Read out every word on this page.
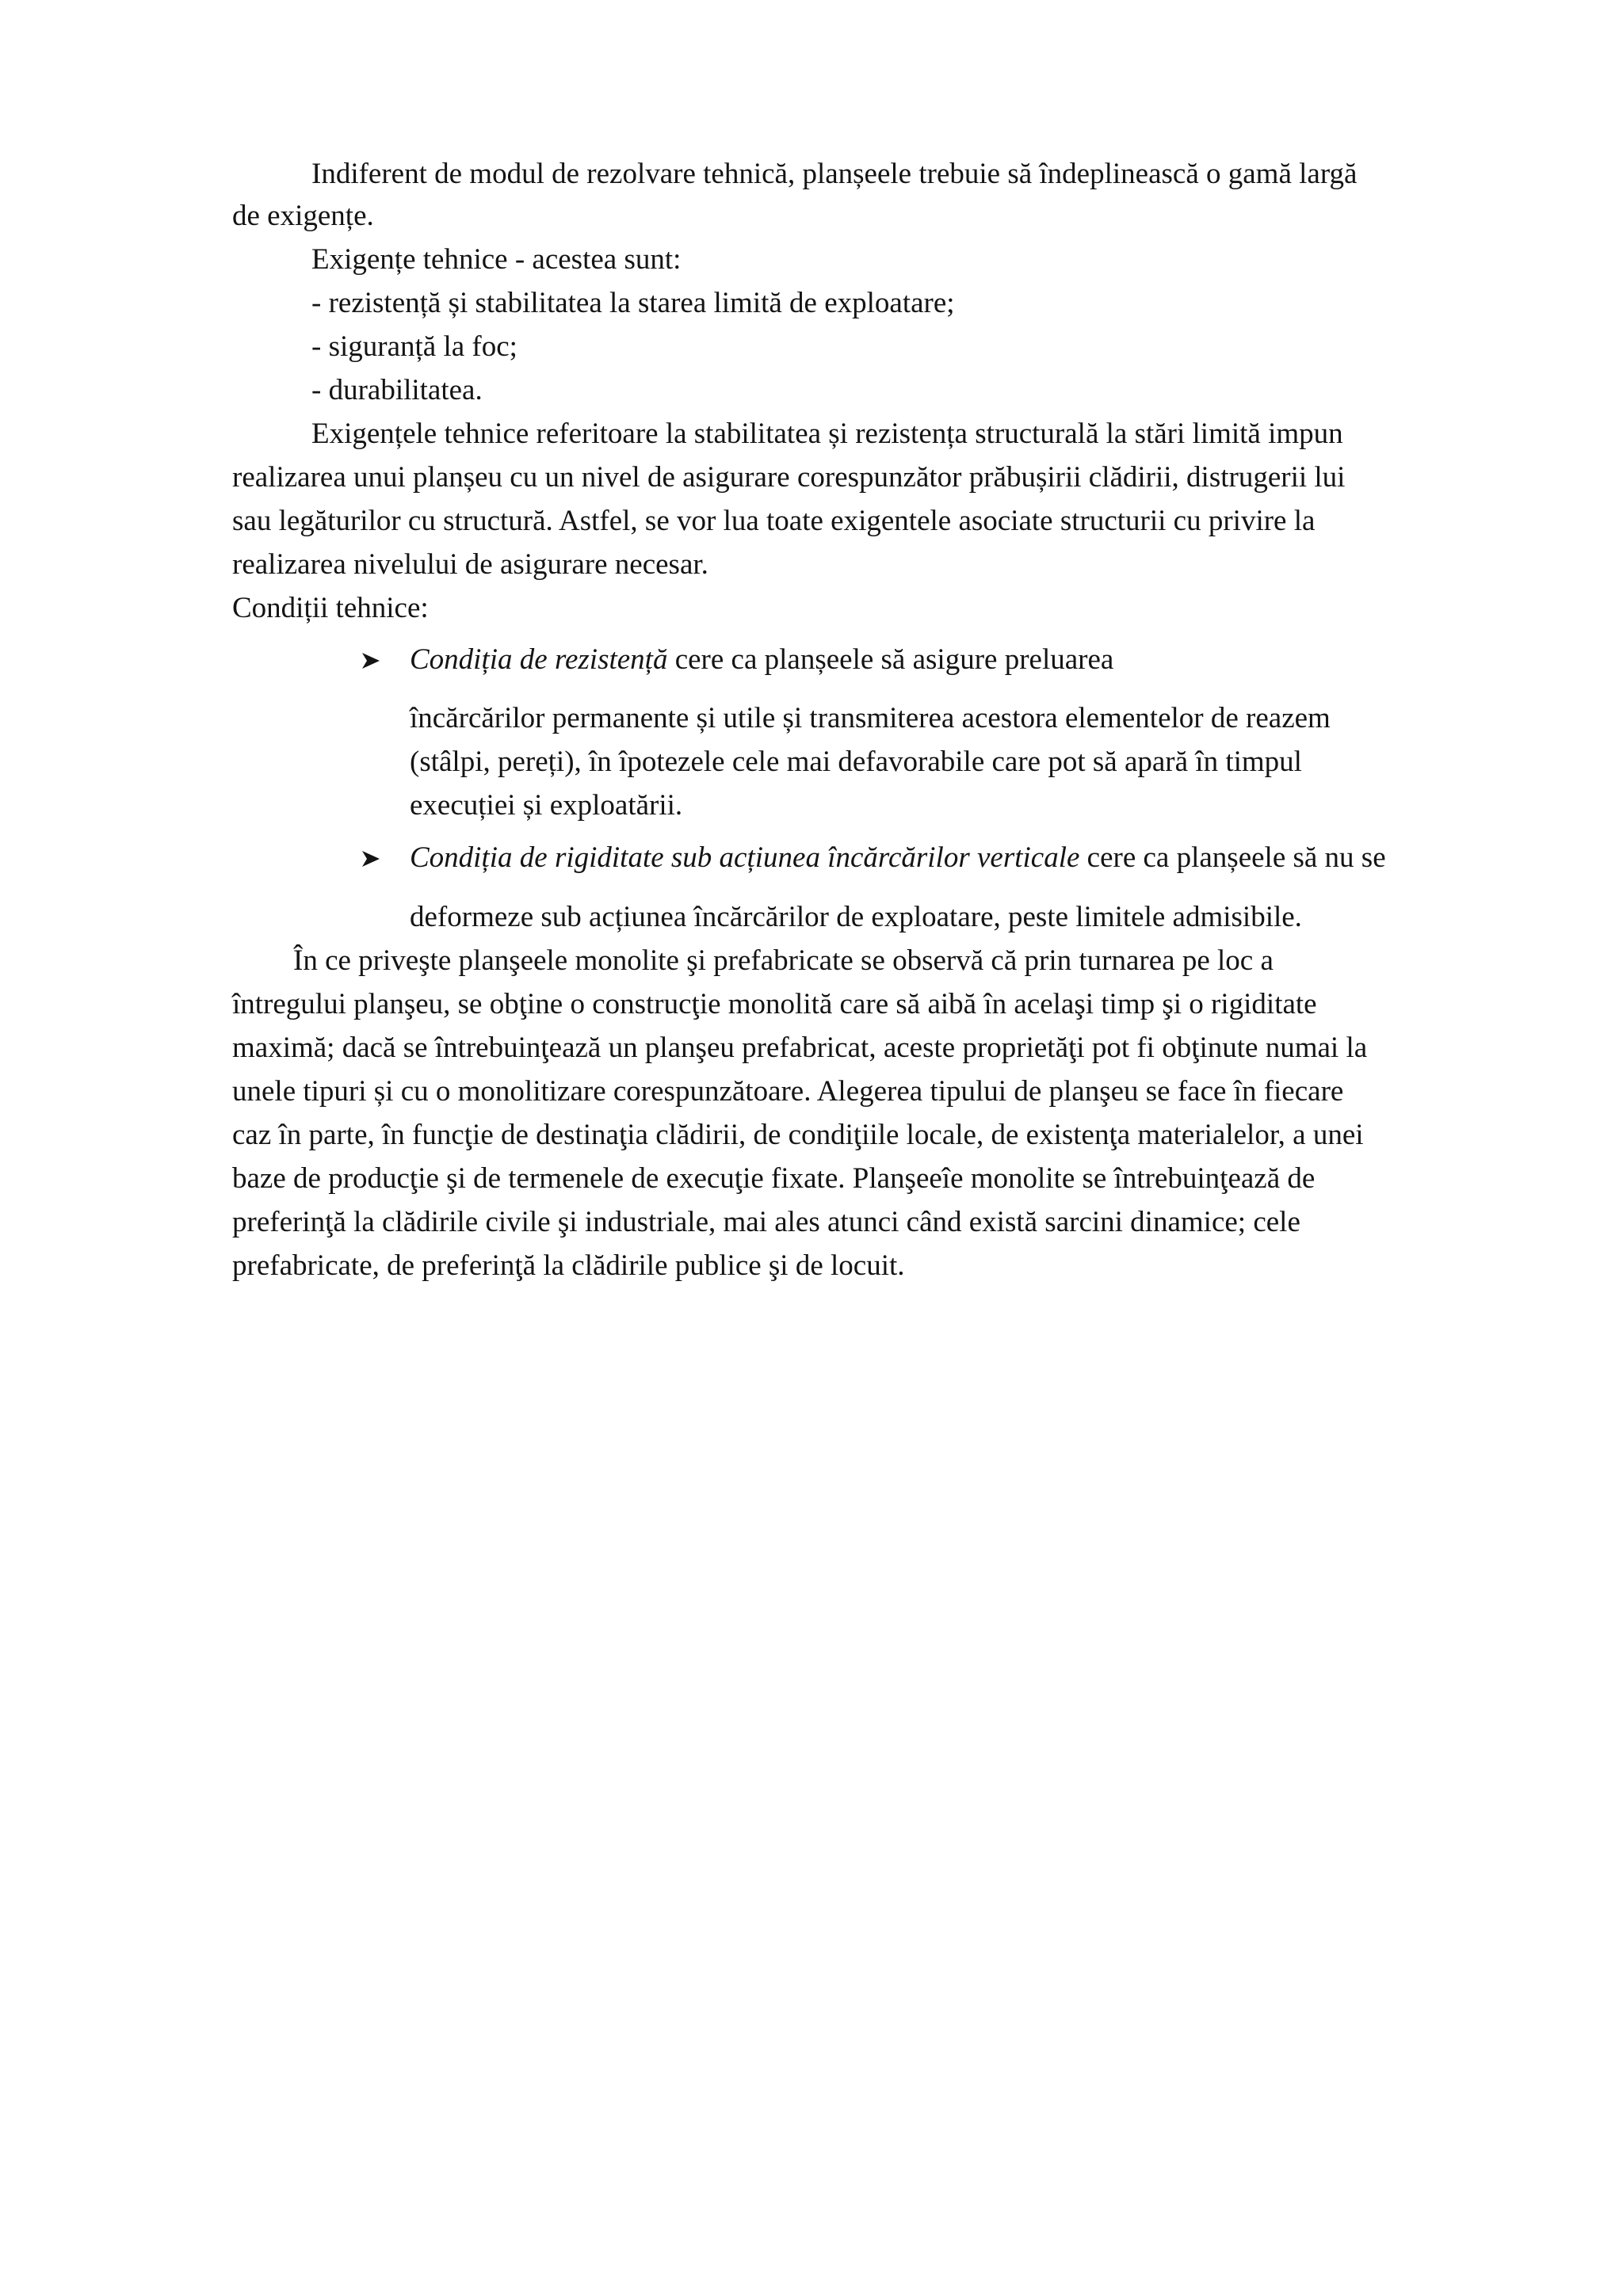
Indiferent de modul de rezolvare tehnică, planșeele trebuie să îndeplinească o gamă largă
de exigențe.
Exigențe tehnice - acestea sunt:
- rezistență și stabilitatea la starea limită de exploatare;
- siguranță la foc;
- durabilitatea.
Exigențele tehnice referitoare la stabilitatea și rezistența structurală la stări limită impun
realizarea unui planșeu cu un nivel de asigurare corespunzător prăbușirii clădirii, distrugerii lui
sau legăturilor cu structură. Astfel, se vor lua toate exigentele asociate structurii cu privire la
realizarea nivelului de asigurare necesar.
Condiții tehnice:
Condiția de rezistență cere ca planșeele să asigure preluarea
încărcărilor permanente și utile și transmiterea acestora elementelor de reazem
(stâlpi, pereți), în îpotezele cele mai defavorabile care pot să apară în timpul
execuției și exploatării.
Condiția de rigiditate sub acțiunea încărcărilor verticale cere ca planșeele să nu se
deformeze sub acțiunea încărcărilor de exploatare, peste limitele admisibile.
În ce priveşte planşeele monolite şi prefabricate se observă că prin turnarea pe loc a
întregului planşeu, se obţine o construcţie monolită care să aibă în acelaşi timp şi o rigiditate
maximă; dacă se întrebuinţează un planşeu prefabricat, aceste proprietăţi pot fi obţinute numai la
unele tipuri și cu o monolitizare corespunzătoare. Alegerea tipului de planşeu se face în fiecare
caz în parte, în funcţie de destinaţia clădirii, de condiţiile locale, de existenţa materialelor, a unei
baze de producţie şi de termenele de execuţie fixate. Planşeeîe monolite se întrebuinţează de
preferinţă la clădirile civile şi industriale, mai ales atunci când există sarcini dinamice; cele
prefabricate, de preferinţă la clădirile publice şi de locuit.
